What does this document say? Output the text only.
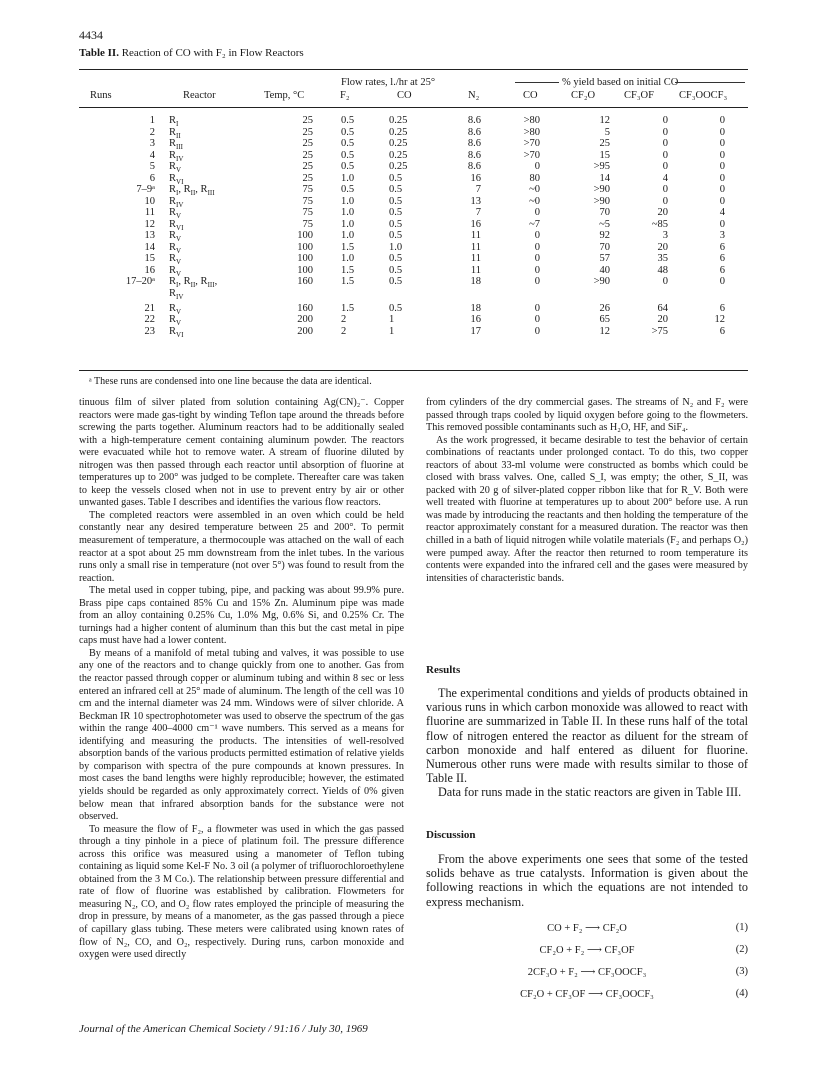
4434
Table II. Reaction of CO with F₂ in Flow Reactors
Flow rates, l./hr at 25°	% yield based on initial CO
Runs	Reactor	Temp, °C	F₂	CO	N₂	CO	CF₂O	CF₃OF CF₃OOCF₃
1 $R_I$	25	0.5	0.25	8.6	>80	12	0	0
2 $R_{II}$	25	0.5	0.25	8.6	>80	5	0	0
3 $R_{III}$	25	0.5	0.25	8.6	>70	25	0	0
4 $R_{IV}$	25	0.5	0.25	8.6	>70	15	0	0
5 $R_V$	25	0.5	0.25	8.6	0	>95	0	0
6 $R_{VI}$	25	1.0	0.5	16	80	14	4	0
7–9ᵃ $R_I$, $R_{II}$, $R_{III}$	75	0.5	0.5	7	~0	>90	0	0
10 $R_{IV}$	75	1.0	0.5	13	~0	>90	0	0
11 $R_V$	75	1.0	0.5	7	0	70	20	4
12 $R_{VI}$	75	1.0	0.5	16	~7	~5	~85	0
13 $R_V$	100	1.0	0.5	11	0	92	3	3
14 $R_V$	100	1.5	1.0	11	0	70	20	6
15 $R_V$	100	1.0	0.5	11	0	57	35	6
16 $R_V$	100	1.5	0.5	11	0	40	48	6
17–20ᵃ $R_I$, $R_{II}$, $R_{III}$,	160	1.5	0.5	18	0	>90	0	0
$R_{IV}$
21 $R_V$	160	1.5	0.5	18	0	26	64	6
22 $R_V$	200	2	1	16	0	65	20	12
23 $R_{VI}$	200	2	1	17	0	12	>75	6
ᵃ These runs are condensed into one line because the data are identical.

tinuous film of silver plated from solution containing Ag(CN)₂⁻. Copper reactors were made gas-tight by winding Teflon tape around the threads before screwing the parts together. Aluminum reactors had to be additionally sealed with a high-temperature cement containing aluminum powder. The reactors were evacuated while hot to remove water. A stream of fluorine diluted by nitrogen was then passed through each reactor until absorption of fluorine at temperatures up to 200° was judged to be complete. Thereafter care was taken to keep the vessels closed when not in use to prevent entry by air or other unwanted gases. Table I describes and identifies the various flow reactors.

The completed reactors were assembled in an oven which could be held constantly near any desired temperature between 25 and 200°. To permit measurement of temperature, a thermocouple was attached on the wall of each reactor at a spot about 25 mm downstream from the inlet tubes. In the various runs only a small rise in temperature (not over 5°) was found to result from the reaction.

The metal used in copper tubing, pipe, and packing was about 99.9% pure. Brass pipe caps contained 85% Cu and 15% Zn. Aluminum pipe was made from an alloy containing 0.25% Cu, 1.0% Mg, 0.6% Si, and 0.25% Cr. The turnings had a higher content of aluminum than this but the cast metal in pipe caps must have had a lower content.

By means of a manifold of metal tubing and valves, it was possible to use any one of the reactors and to change quickly from one to another. Gas from the reactor passed through copper or aluminum tubing and within 8 sec or less entered an infrared cell at 25° made of aluminum. The length of the cell was 10 cm and the internal diameter was 24 mm. Windows were of silver chloride. A Beckman IR 10 spectrophotometer was used to observe the spectrum of the gas within the range 400–4000 cm⁻¹ wave numbers. This served as a means for identifying and measuring the products. The intensities of well-resolved absorption bands of the various products permitted estimation of relative yields by comparison with spectra of the pure compounds at known pressures. In most cases the band lengths were highly reproducible; however, the estimated yields should be regarded as only approximately correct. Yields of 0% given below mean that infrared absorption bands for the substance were not observed.

To measure the flow of F₂, a flowmeter was used in which the gas passed through a tiny pinhole in a piece of platinum foil. The pressure difference across this orifice was measured using a manometer of Teflon tubing containing as liquid some Kel-F No. 3 oil (a polymer of trifluorochloroethylene obtained from the 3 M Co.). The relationship between pressure differential and rate of flow of fluorine was established by calibration. Flowmeters for measuring N₂, CO, and O₂ flow rates employed the principle of measuring the drop in pressure, by means of a manometer, as the gas passed through a piece of capillary glass tubing. These meters were calibrated using known rates of flow of N₂, CO, and O₂, respectively. During runs, carbon monoxide and oxygen were used directly

from cylinders of the dry commercial gases. The streams of N₂ and F₂ were passed through traps cooled by liquid oxygen before going to the flowmeters. This removed possible contaminants such as H₂O, HF, and SiF₄.

As the work progressed, it became desirable to test the behavior of certain combinations of reactants under prolonged contact. To do this, two copper reactors of about 33-ml volume were constructed as bombs which could be closed with brass valves. One, called S_I, was empty; the other, S_II, was packed with 20 g of silver-plated copper ribbon like that for R_V. Both were well treated with fluorine at temperatures up to about 200° before use. A run was made by introducing the reactants and then holding the temperature of the reactor approximately constant for a measured duration. The reactor was then chilled in a bath of liquid nitrogen while volatile materials (F₂ and perhaps O₂) were pumped away. After the reactor then returned to room temperature its contents were expanded into the infrared cell and the gases were measured by intensities of characteristic bands.

Results

The experimental conditions and yields of products obtained in various runs in which carbon monoxide was allowed to react with fluorine are summarized in Table II. In these runs half of the total flow of nitrogen entered the reactor as diluent for the stream of carbon monoxide and half entered as diluent for fluorine. Numerous other runs were made with results similar to those of Table II.

Data for runs made in the static reactors are given in Table III.

Discussion

From the above experiments one sees that some of the tested solids behave as true catalysts. Information is given about the following reactions in which the equations are not intended to express mechanism.

CO + F₂ ⟶ CF₂O	(1)
CF₂O + F₂ ⟶ CF₃OF	(2)
2CF₃O + F₂ ⟶ CF₃OOCF₃	(3)
CF₂O + CF₃OF ⟶ CF₃OOCF₃	(4)
Journal of the American Chemical Society / 91:16 / July 30, 1969
